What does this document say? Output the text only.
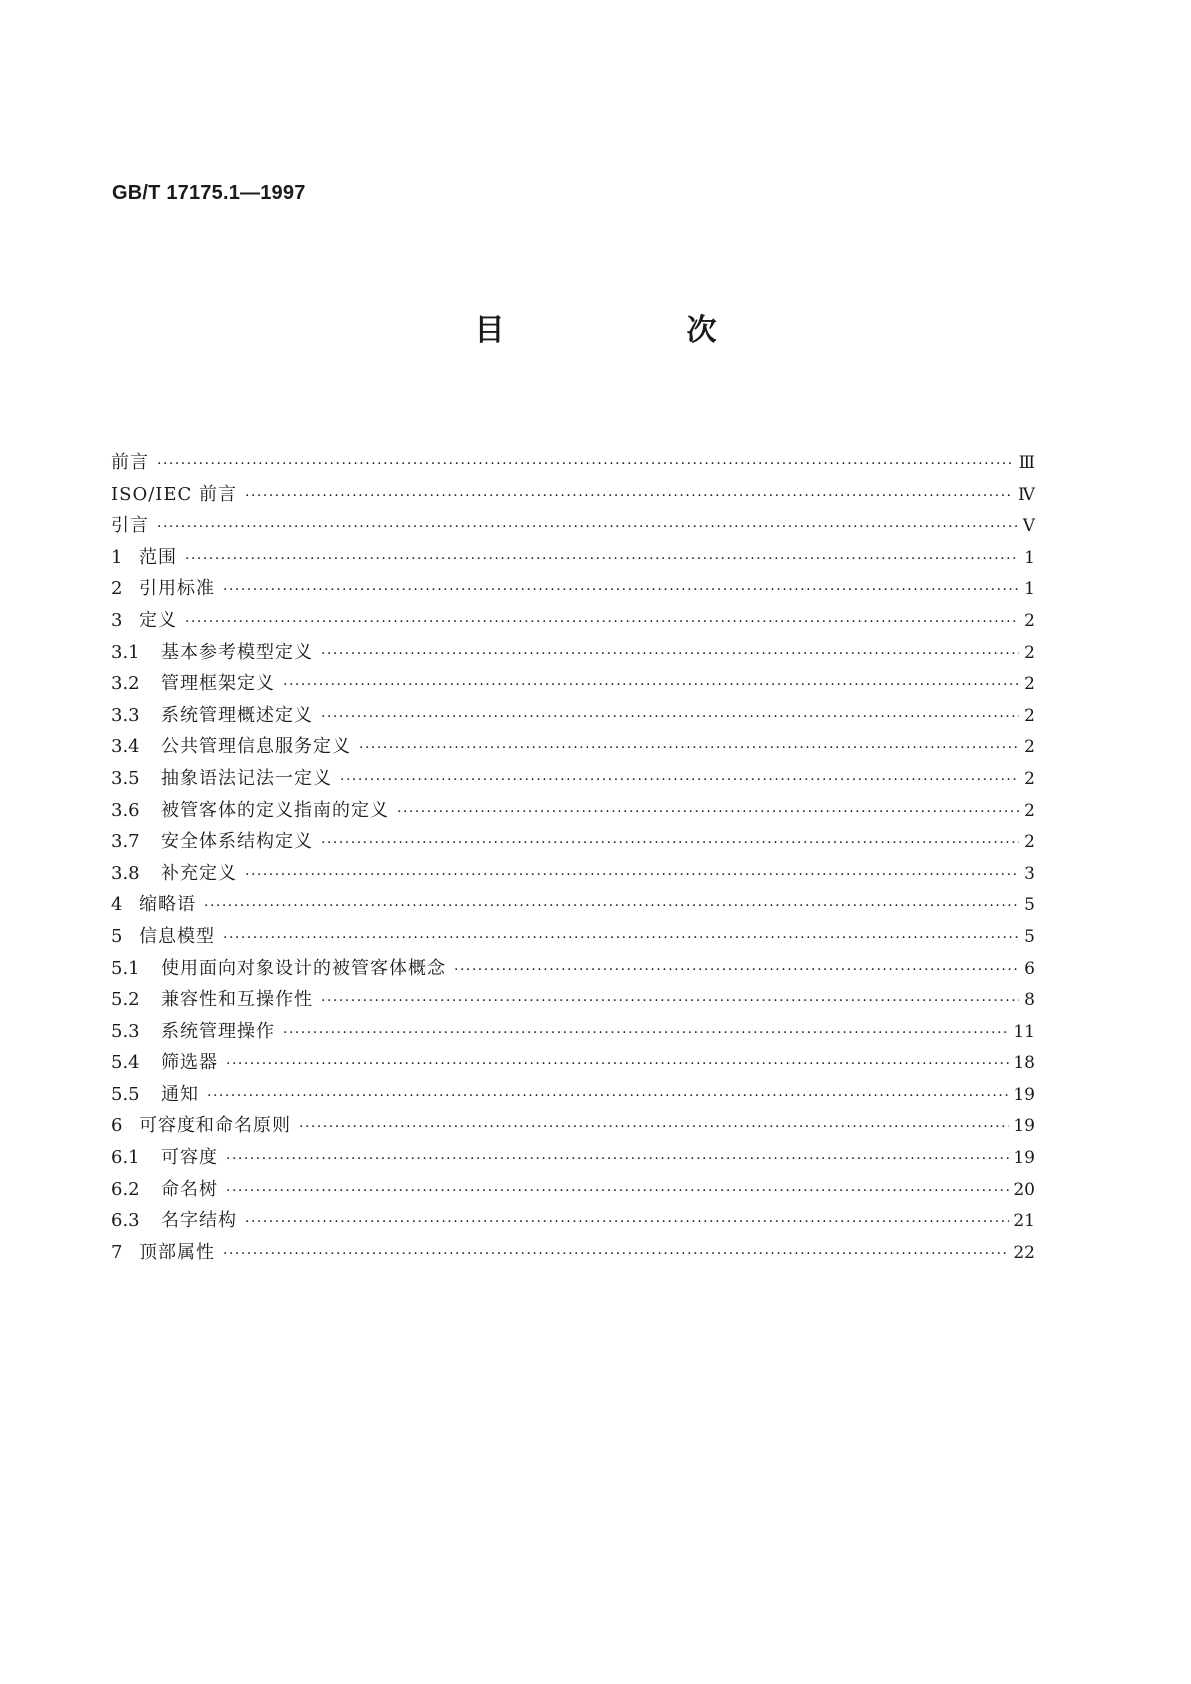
GB/T 17175.1—1997
目　次
前言 ·····	Ⅲ
ISO/IEC 前言 ·····	Ⅳ
引言 ·····	Ⅴ
1 范围 ·····	1
2 引用标准 ·····	1
3 定义 ·····	2
3.1	基本参考模型定义 ·····	2
3.2	管理框架定义 ·····	2
3.3	系统管理概述定义 ·····	2
3.4	公共管理信息服务定义 ·····	2
3.5	抽象语法记法一定义 ·····	2
3.6	被管客体的定义指南的定义 ·····	2
3.7	安全体系结构定义 ·····	2
3.8	补充定义 ·····	3
4 缩略语 ·····	5
5 信息模型 ·····	5
5.1	使用面向对象设计的被管客体概念 ·····	6
5.2	兼容性和互操作性 ·····	8
5.3	系统管理操作 ·····	11
5.4	筛选器 ·····	18
5.5	通知 ·····	19
6 可容度和命名原则 ·····	19
6.1	可容度 ·····	19
6.2	命名树 ·····	20
6.3	名字结构 ·····	21
7 顶部属性 ·····	22
